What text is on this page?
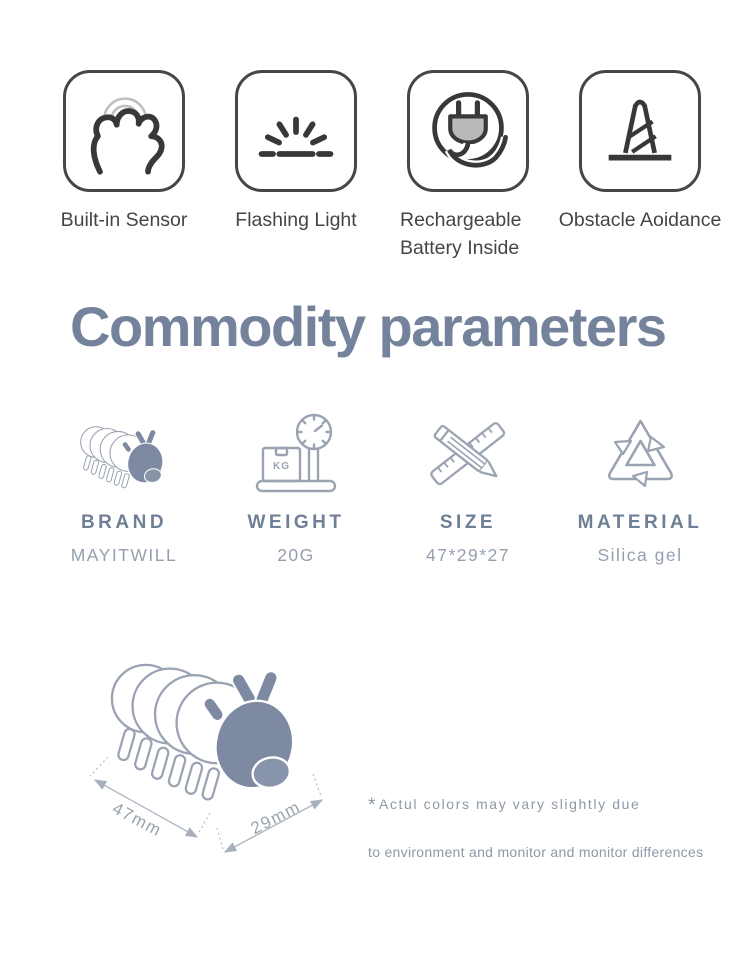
Built-in Sensor Flashing Light Rechargeable Battery Inside
Obstacle Aoidance
Commodity parameters
BRAND
MAYITWILL
KG
WEIGHT
20G
SIZE
47*29*27
MATERIAL
Silica gel
47mm	29mm	* Actul colors may vary slightly due
to environment and monitor and monitor differences
